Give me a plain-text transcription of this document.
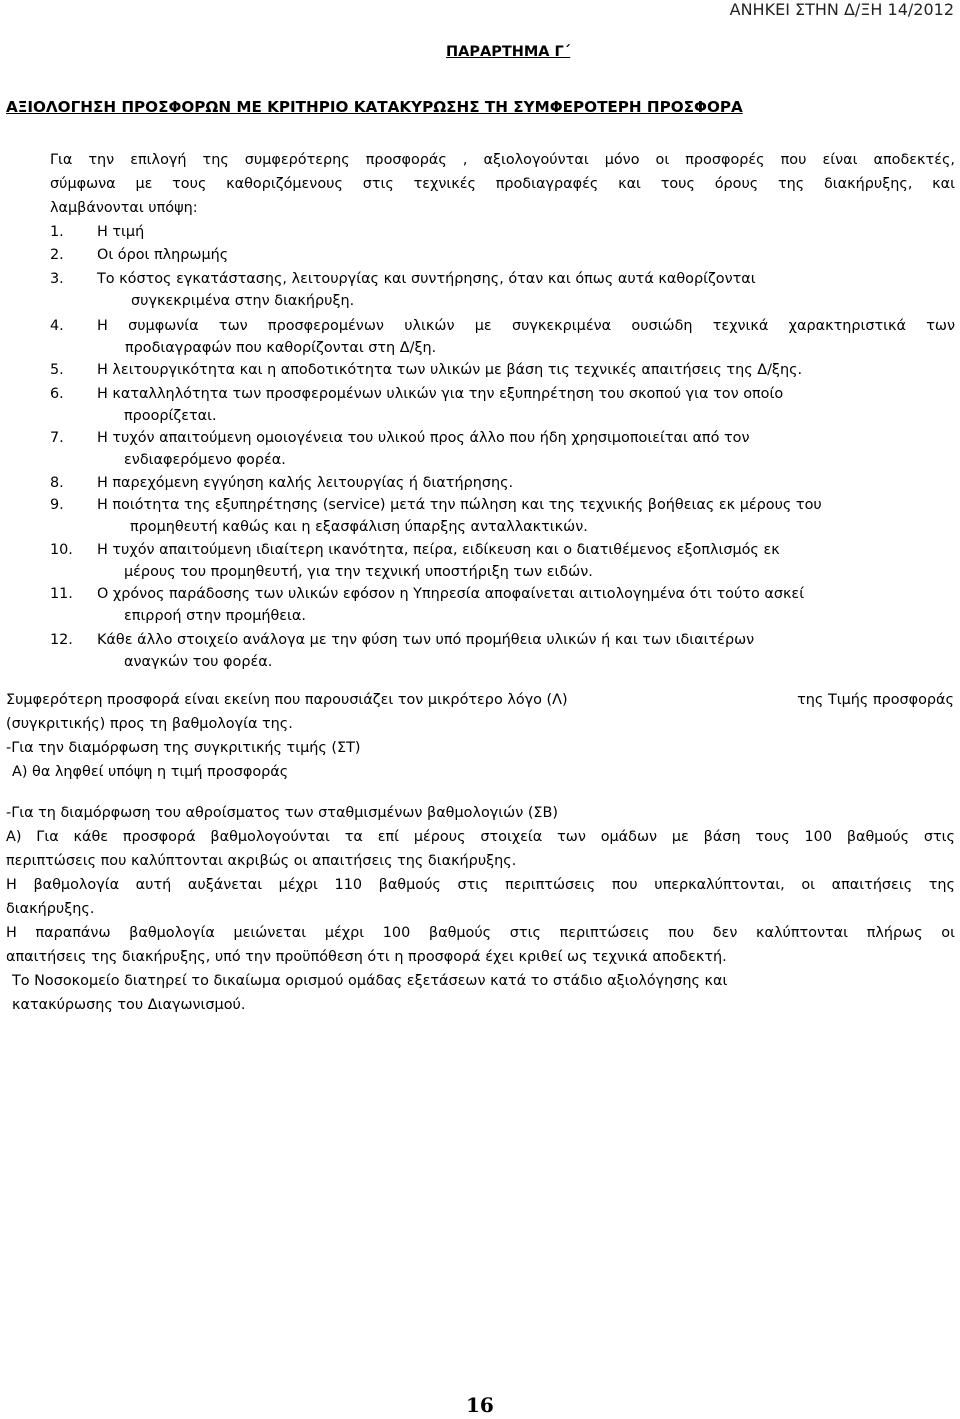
ΑΝΗΚΕΙ ΣΤΗΝ Δ/ΞΗ 14/2012
ΠΑΡΑΡΤΗΜΑ Γ΄
ΑΞΙΟΛΟΓΗΣΗ ΠΡΟΣΦΟΡΩΝ ΜΕ ΚΡΙΤΗΡΙΟ ΚΑΤΑΚΥΡΩΣΗΣ ΤΗ ΣΥΜΦΕΡΟΤΕΡΗ ΠΡΟΣΦΟΡΑ
Για την επιλογή της συμφερότερης προσφοράς , αξιολογούνται μόνο οι προσφορές που είναι αποδεκτές,
σύμφωνα με τους καθοριζόμενους στις τεχνικές προδιαγραφές και τους όρους της διακήρυξης, και
λαμβάνονται υπόψη:
1. Η τιμή
2. Οι όροι πληρωμής
3. Το κόστος εγκατάστασης, λειτουργίας και συντήρησης, όταν και όπως αυτά καθορίζονται
συγκεκριμένα στην διακήρυξη.
4. Η συμφωνία των προσφερομένων υλικών με συγκεκριμένα ουσιώδη τεχνικά χαρακτηριστικά των
προδιαγραφών που καθορίζονται στη Δ/ξη.
5. Η λειτουργικότητα και η αποδοτικότητα των υλικών με βάση τις τεχνικές απαιτήσεις της Δ/ξης.
6. Η καταλληλότητα των προσφερομένων υλικών για την εξυπηρέτηση του σκοπού για τον οποίο
προορίζεται.
7. Η τυχόν απαιτούμενη ομοιογένεια του υλικού προς άλλο που ήδη χρησιμοποιείται από τον
ενδιαφερόμενο φορέα.
8. Η παρεχόμενη εγγύηση καλής λειτουργίας ή διατήρησης.
9. Η ποιότητα της εξυπηρέτησης (service) μετά την πώληση και της τεχνικής βοήθειας εκ μέρους του
προμηθευτή καθώς και η εξασφάλιση ύπαρξης ανταλλακτικών.
10. Η τυχόν απαιτούμενη ιδιαίτερη ικανότητα, πείρα, ειδίκευση και ο διατιθέμενος εξοπλισμός εκ
μέρους του προμηθευτή, για την τεχνική υποστήριξη των ειδών.
11. Ο χρόνος παράδοσης των υλικών εφόσον η Υπηρεσία αποφαίνεται αιτιολογημένα ότι τούτο ασκεί
επιρροή στην προμήθεια.
12. Κάθε άλλο στοιχείο ανάλογα με την φύση των υπό προμήθεια υλικών ή και των ιδιαιτέρων
αναγκών του φορέα.
Συμφερότερη προσφορά είναι εκείνη που παρουσιάζει τον μικρότερο λόγο (Λ)	της Τιμής προσφοράς
(συγκριτικής) προς τη βαθμολογία της.
-Για την διαμόρφωση της συγκριτικής τιμής (ΣΤ)
Α) θα ληφθεί υπόψη η τιμή προσφοράς
-Για τη διαμόρφωση του αθροίσματος των σταθμισμένων βαθμολογιών (ΣΒ)
Α) Για κάθε προσφορά βαθμολογούνται τα επί μέρους στοιχεία των ομάδων με βάση τους 100 βαθμούς στις
περιπτώσεις που καλύπτονται ακριβώς οι απαιτήσεις της διακήρυξης.
Η βαθμολογία αυτή αυξάνεται μέχρι 110 βαθμούς στις περιπτώσεις που υπερκαλύπτονται, οι απαιτήσεις της
διακήρυξης.
Η παραπάνω βαθμολογία μειώνεται μέχρι 100 βαθμούς στις περιπτώσεις που δεν καλύπτονται πλήρως οι
απαιτήσεις της διακήρυξης, υπό την προϋπόθεση ότι η προσφορά έχει κριθεί ως τεχνικά αποδεκτή.
Το Νοσοκομείο διατηρεί το δικαίωμα ορισμού ομάδας εξετάσεων κατά το στάδιο αξιολόγησης και
κατακύρωσης του Διαγωνισμού.
16
